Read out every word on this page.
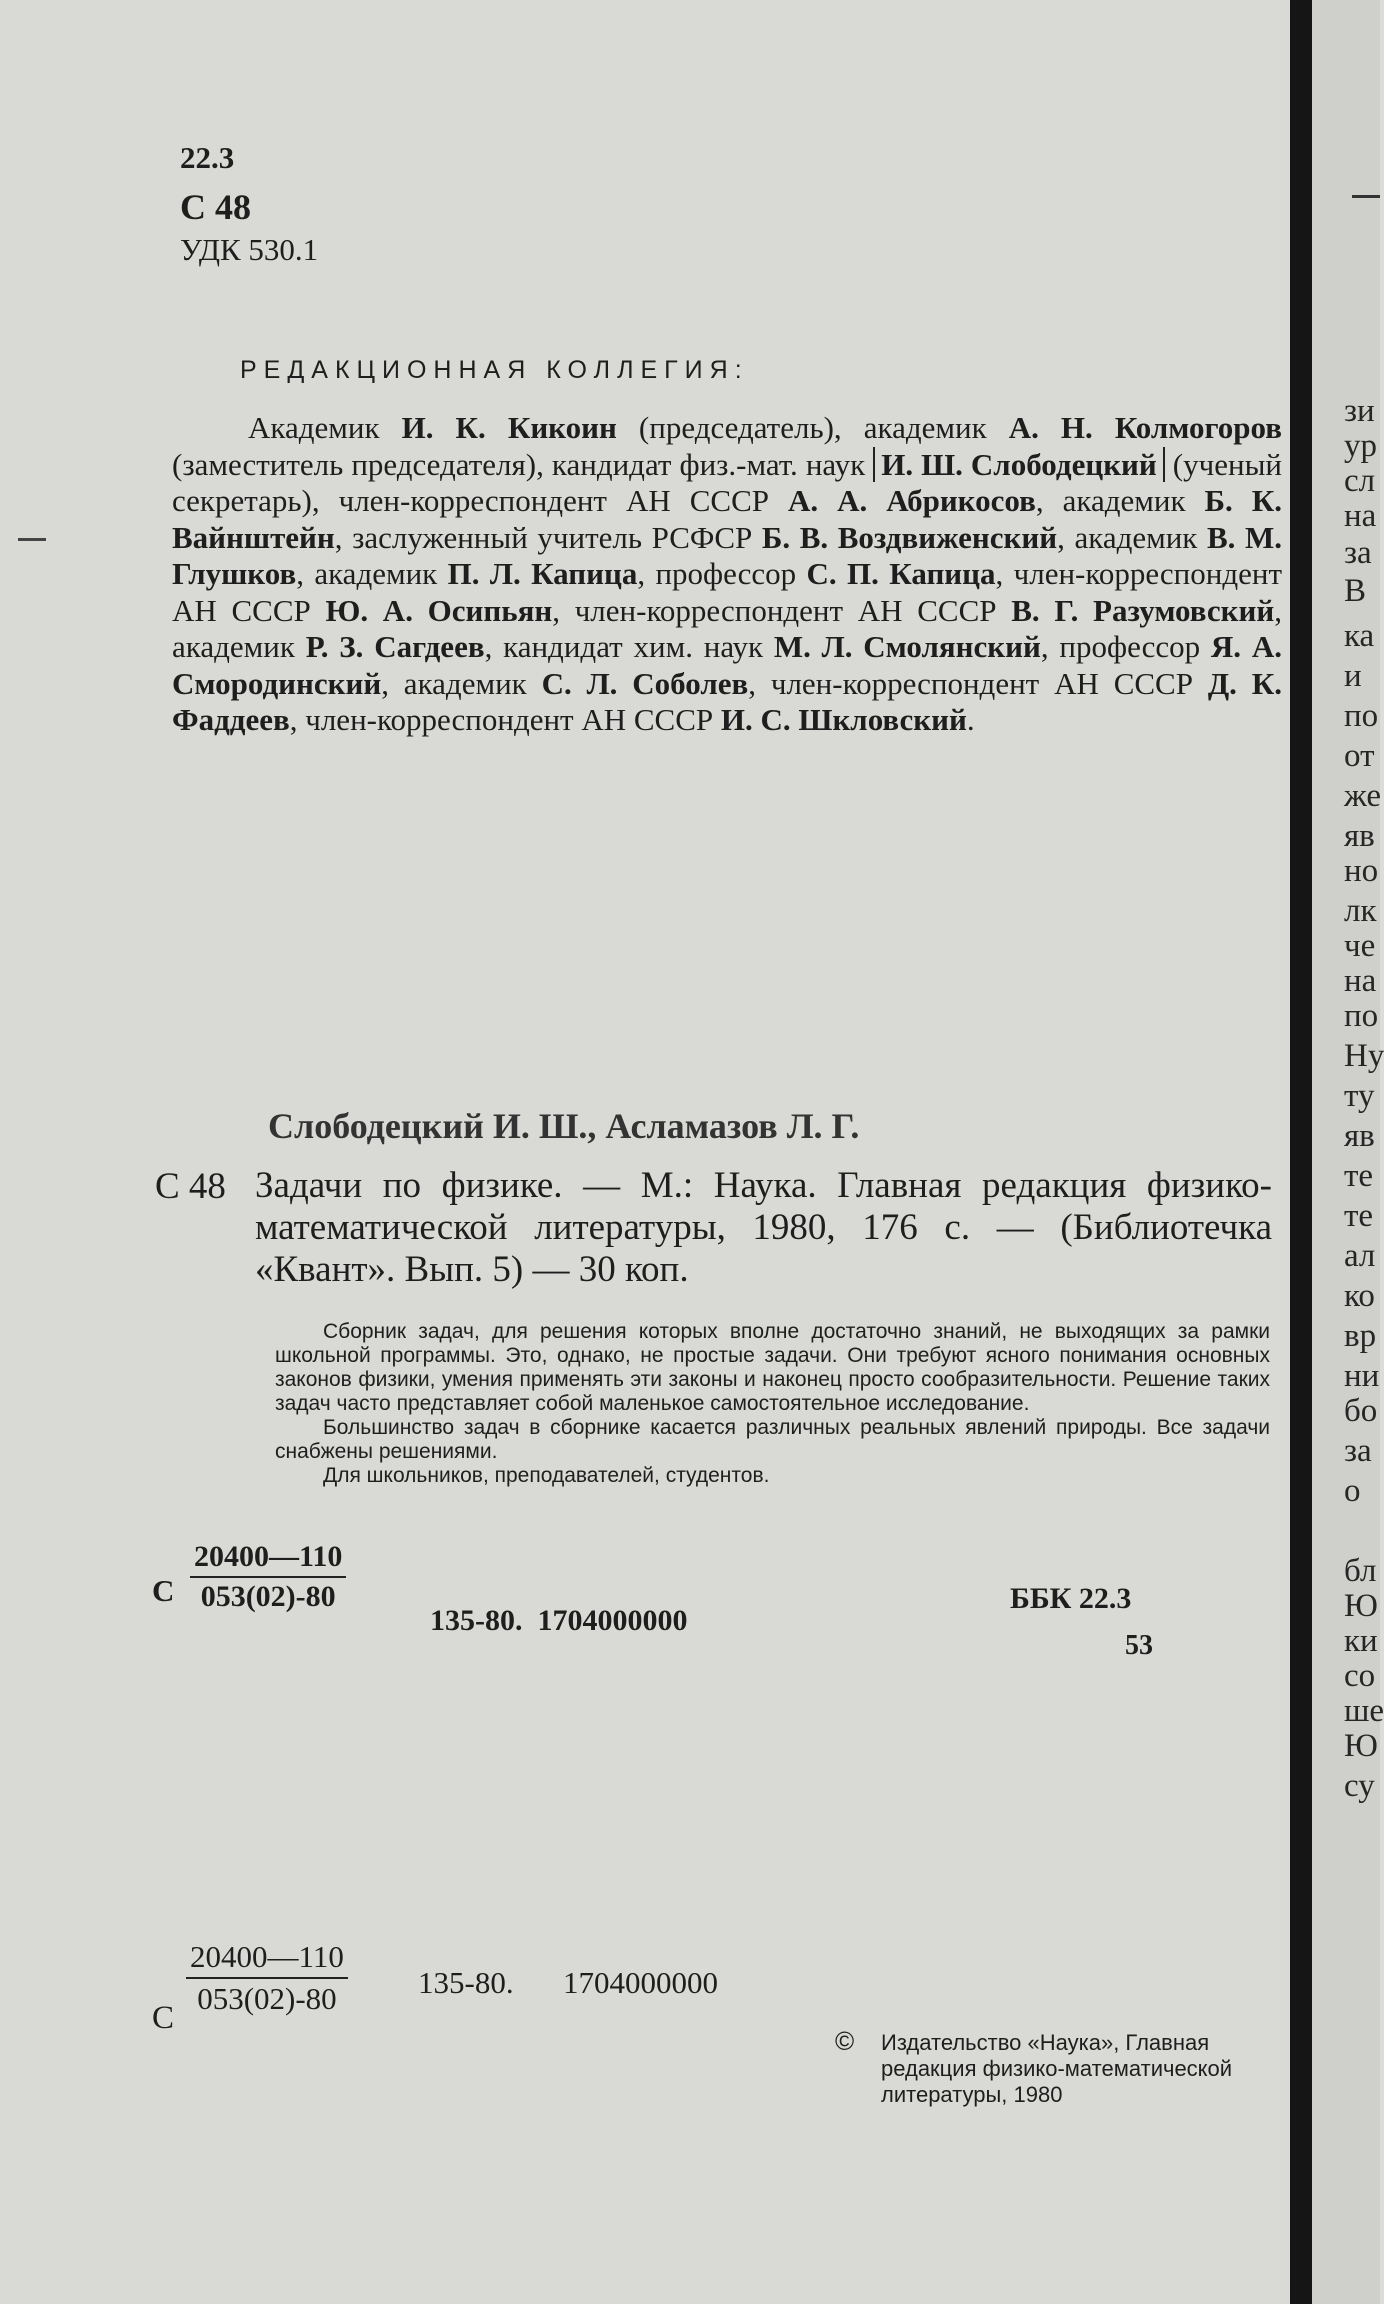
22.3
С 48
УДК 530.1
РЕДАКЦИОННАЯ КОЛЛЕГИЯ:
Академик И. К. Кикоин (председатель), академик А. Н. Колмогоров (заместитель председателя), кандидат физ.-мат. наук И. Ш. Слободецкий (ученый секретарь), член-корреспондент АН СССР А. А. Абрикосов, академик Б. К. Вайнштейн, заслуженный учитель РСФСР Б. В. Воздвиженский, академик В. М. Глушков, академик П. Л. Капица, профессор С. П. Капица, член-корреспондент АН СССР Ю. А. Осипьян, член-корреспондент АН СССР В. Г. Разумовский, академик Р. З. Сагдеев, кандидат хим. наук М. Л. Смолянский, профессор Я. А. Смородинский, академик С. Л. Соболев, член-корреспондент АН СССР Д. К. Фаддеев, член-корреспондент АН СССР И. С. Шкловский.
Слободецкий И. Ш., Асламазов Л. Г.
С 48 Задачи по физике. — М.: Наука. Главная редакция физико-математической литературы, 1980, 176 с. — (Библиотечка «Квант». Вып. 5) — 30 коп.

Сборник задач, для решения которых вполне достаточно знаний, не выходящих за рамки школьной программы. Это, однако, не простые задачи. Они требуют ясного понимания основных законов физики, умения применять эти законы и наконец просто сообразительности. Решение таких задач часто представляет собой маленькое самостоятельное исследование.

Большинство задач в сборнике касается различных реальных явлений природы. Все задачи снабжены решениями.

Для школьников, преподавателей, студентов.

С $\frac{20400—110}{053(02)-80}$
135-80.  1704000000
ББК 22.3
53
С $\frac{20400—110}{053(02)-80} 135-80$. 1704000000
© Издательство «Наука», Главная редакция физико-математической литературы, 1980
зи
ур
сл
на
за
В
ка
и
по
от
же
яв
но
лк
че
на
по
Ну
ту
яв
те
те
ал
ко
вр
ни
бо
за
о
бл
Ю
ки
со
ше
Ю
су
